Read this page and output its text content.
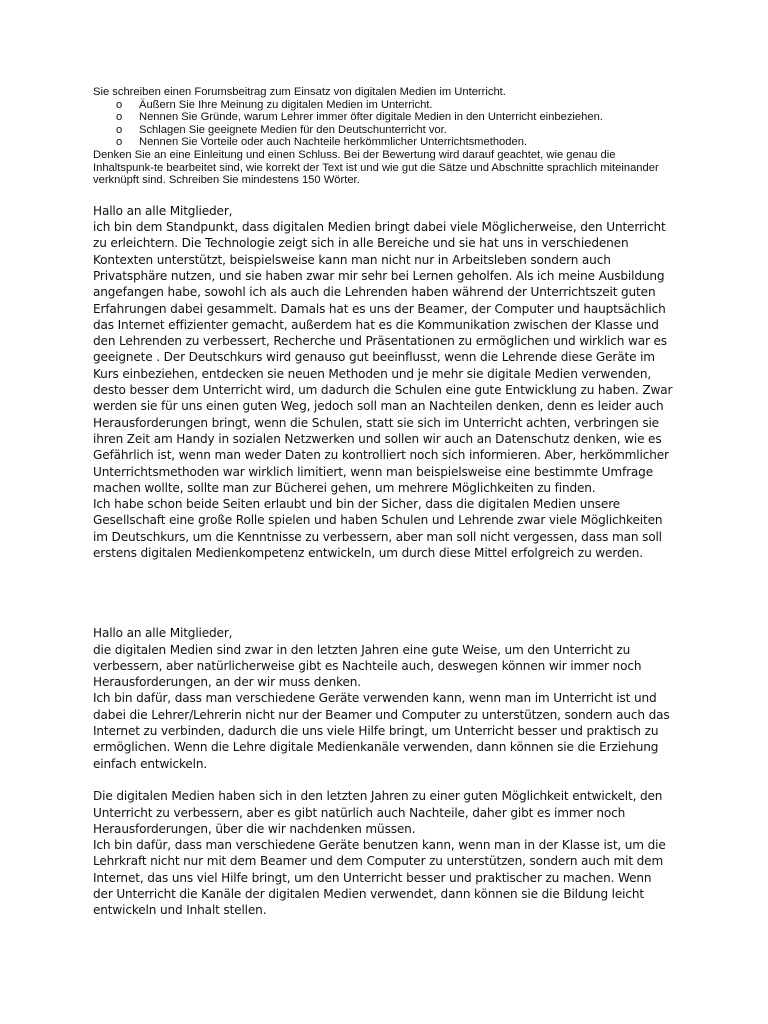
Sie schreiben einen Forumsbeitrag zum Einsatz von digitalen Medien im Unterricht.

o Äußern Sie Ihre Meinung zu digitalen Medien im Unterricht.
o Nennen Sie Gründe, warum Lehrer immer öfter digitale Medien in den Unterricht einbeziehen.
o Schlagen Sie geeignete Medien für den Deutschunterricht vor.
o Nennen Sie Vorteile oder auch Nachteile herkömmlicher Unterrichtsmethoden.

Denken Sie an eine Einleitung und einen Schluss. Bei der Bewertung wird darauf geachtet, wie genau die Inhaltspunk-te bearbeitet sind, wie korrekt der Text ist und wie gut die Sätze und Abschnitte sprachlich miteinander verknüpft sind. Schreiben Sie mindestens 150 Wörter.

Hallo an alle Mitglieder,

ich bin dem Standpunkt, dass digitalen Medien bringt dabei viele Möglicherweise, den Unterricht zu erleichtern. Die Technologie zeigt sich in alle Bereiche und sie hat uns in verschiedenen Kontexten unterstützt, beispielsweise kann man nicht nur in Arbeitsleben sondern auch Privatsphäre nutzen, und sie haben zwar mir sehr bei Lernen geholfen. Als ich meine Ausbildung angefangen habe, sowohl ich als auch die Lehrenden haben während der Unterrichtszeit guten Erfahrungen dabei gesammelt. Damals hat es uns der Beamer, der Computer und hauptsächlich das Internet effizienter gemacht, außerdem hat es die Kommunikation zwischen der Klasse und den Lehrenden zu verbessert, Recherche und Präsentationen zu ermöglichen und wirklich war es geeignete . Der Deutschkurs wird genauso gut beeinflusst, wenn die Lehrende diese Geräte im Kurs einbeziehen, entdecken sie neuen Methoden und je mehr sie digitale Medien verwenden, desto besser dem Unterricht wird, um dadurch die Schulen eine gute Entwicklung zu haben. Zwar werden sie für uns einen guten Weg, jedoch soll man an Nachteilen denken, denn es leider auch Herausforderungen bringt, wenn die Schulen, statt sie sich im Unterricht achten, verbringen sie ihren Zeit am Handy in sozialen Netzwerken und sollen wir auch an Datenschutz denken, wie es Gefährlich ist, wenn man weder Daten zu kontrolliert noch sich informieren. Aber, herkömmlicher Unterrichtsmethoden war wirklich limitiert, wenn man beispielsweise eine bestimmte Umfrage machen wollte, sollte man zur Bücherei gehen, um mehrere Möglichkeiten zu finden.

Ich habe schon beide Seiten erlaubt und bin der Sicher, dass die digitalen Medien unsere Gesellschaft eine große Rolle spielen und haben Schulen und Lehrende zwar viele Möglichkeiten im Deutschkurs, um die Kenntnisse zu verbessern, aber man soll nicht vergessen, dass man soll erstens digitalen Medienkompetenz entwickeln, um durch diese Mittel erfolgreich zu werden.

Hallo an alle Mitglieder,

die digitalen Medien sind zwar in den letzten Jahren eine gute Weise, um den Unterricht zu verbessern, aber natürlicherweise gibt es Nachteile auch, deswegen können wir immer noch Herausforderungen, an der wir muss denken.

Ich bin dafür, dass man verschiedene Geräte verwenden kann, wenn man im Unterricht ist und dabei die Lehrer/Lehrerin nicht nur der Beamer und Computer zu unterstützen, sondern auch das Internet zu verbinden, dadurch die uns viele Hilfe bringt, um Unterricht besser und praktisch zu ermöglichen. Wenn die Lehre digitale Medienkanäle verwenden, dann können sie die Erziehung einfach entwickeln.

Die digitalen Medien haben sich in den letzten Jahren zu einer guten Möglichkeit entwickelt, den Unterricht zu verbessern, aber es gibt natürlich auch Nachteile, daher gibt es immer noch Herausforderungen, über die wir nachdenken müssen.

Ich bin dafür, dass man verschiedene Geräte benutzen kann, wenn man in der Klasse ist, um die Lehrkraft nicht nur mit dem Beamer und dem Computer zu unterstützen, sondern auch mit dem Internet, das uns viel Hilfe bringt, um den Unterricht besser und praktischer zu machen. Wenn der Unterricht die Kanäle der digitalen Medien verwendet, dann können sie die Bildung leicht entwickeln und Inhalt stellen.
